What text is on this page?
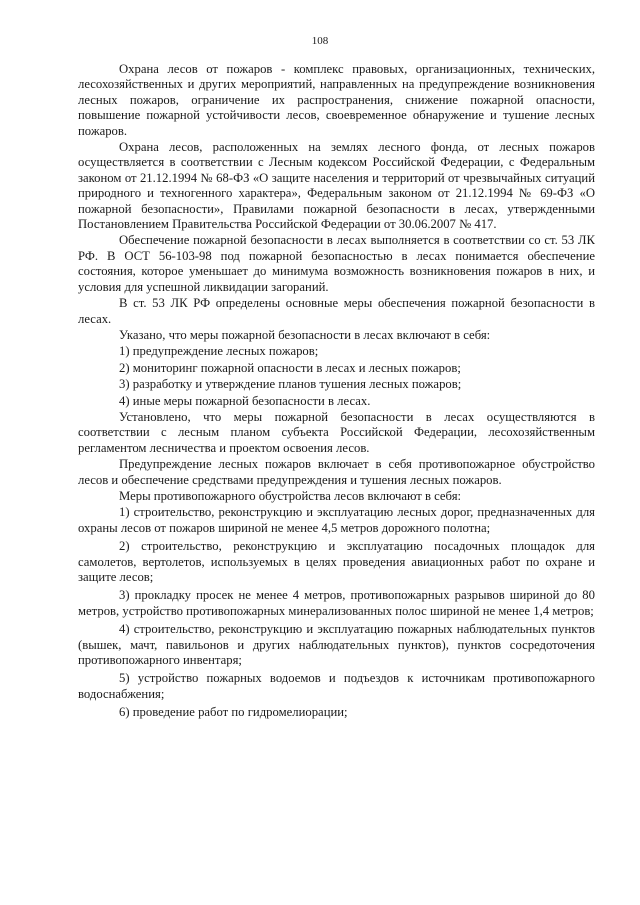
108

Охрана лесов от пожаров - комплекс правовых, организационных, технических, лесохозяйственных и других мероприятий, направленных на предупреждение возникновения лесных пожаров, ограничение их распространения, снижение пожарной опасности, повышение пожарной устойчивости лесов, своевременное обнаружение и тушение лесных пожаров.

Охрана лесов, расположенных на землях лесного фонда, от лесных пожаров осуществляется в соответствии с Лесным кодексом Российской Федерации, с Федеральным законом от 21.12.1994 № 68-ФЗ «О защите населения и территорий от чрезвычайных ситуаций природного и техногенного характера», Федеральным законом от 21.12.1994 № 69-ФЗ «О пожарной безопасности», Правилами пожарной безопасности в лесах, утвержденными Постановлением Правительства Российской Федерации от 30.06.2007 № 417.

Обеспечение пожарной безопасности в лесах выполняется в соответствии со ст. 53 ЛК РФ. В ОСТ 56-103-98 под пожарной безопасностью в лесах понимается обеспечение состояния, которое уменьшает до минимума возможность возникновения пожаров в них, и условия для успешной ликвидации загораний.

В ст. 53 ЛК РФ определены основные меры обеспечения пожарной безопасности в лесах.

Указано, что меры пожарной безопасности в лесах включают в себя:

1) предупреждение лесных пожаров;

2) мониторинг пожарной опасности в лесах и лесных пожаров;

3) разработку и утверждение планов тушения лесных пожаров;

4) иные меры пожарной безопасности в лесах.

Установлено, что меры пожарной безопасности в лесах осуществляются в соответствии с лесным планом субъекта Российской Федерации, лесохозяйственным регламентом лесничества и проектом освоения лесов.

Предупреждение лесных пожаров включает в себя противопожарное обустройство лесов и обеспечение средствами предупреждения и тушения лесных пожаров.

Меры противопожарного обустройства лесов включают в себя:

1) строительство, реконструкцию и эксплуатацию лесных дорог, предназначенных для охраны лесов от пожаров шириной не менее 4,5 метров дорожного полотна;

2) строительство, реконструкцию и эксплуатацию посадочных площадок для самолетов, вертолетов, используемых в целях проведения авиационных работ по охране и защите лесов;

3) прокладку просек не менее 4 метров, противопожарных разрывов шириной до 80 метров, устройство противопожарных минерализованных полос шириной не менее 1,4 метров;

4) строительство, реконструкцию и эксплуатацию пожарных наблюдательных пунктов (вышек, мачт, павильонов и других наблюдательных пунктов), пунктов сосредоточения противопожарного инвентаря;

5) устройство пожарных водоемов и подъездов к источникам противопожарного водоснабжения;

6) проведение работ по гидромелиорации;
